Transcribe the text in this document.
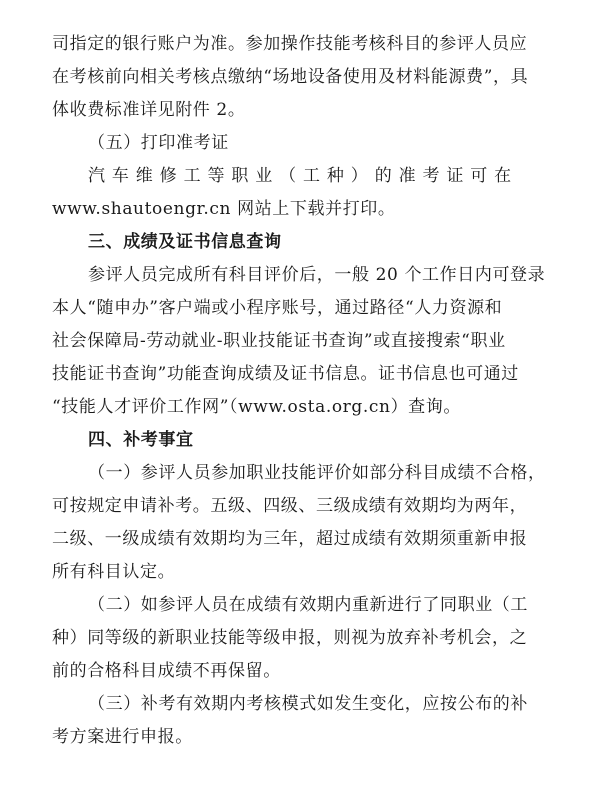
司指定的银行账户为准。参加操作技能考核科目的参评人员应
在考核前向相关考核点缴纳“场地设备使用及材料能源费”，具
体收费标准详见附件 2。
（五）打印准考证
汽 车 维 修 工 等 职 业 （ 工 种 ） 的 准 考 证 可 在
www.shautoengr.cn 网站上下载并打印。
三、成绩及证书信息查询
参评人员完成所有科目评价后，一般 20 个工作日内可登录
本人“随申办”客户端或小程序账号，通过路径“人力资源和
社会保障局-劳动就业-职业技能证书查询”或直接搜索“职业
技能证书查询”功能查询成绩及证书信息。证书信息也可通过
“技能人才评价工作网”（www.osta.org.cn）查询。
四、补考事宜
（一）参评人员参加职业技能评价如部分科目成绩不合格，
可按规定申请补考。五级、四级、三级成绩有效期均为两年，
二级、一级成绩有效期均为三年，超过成绩有效期须重新申报
所有科目认定。
（二）如参评人员在成绩有效期内重新进行了同职业（工
种）同等级的新职业技能等级申报，则视为放弃补考机会，之
前的合格科目成绩不再保留。
（三）补考有效期内考核模式如发生变化，应按公布的补
考方案进行申报。
